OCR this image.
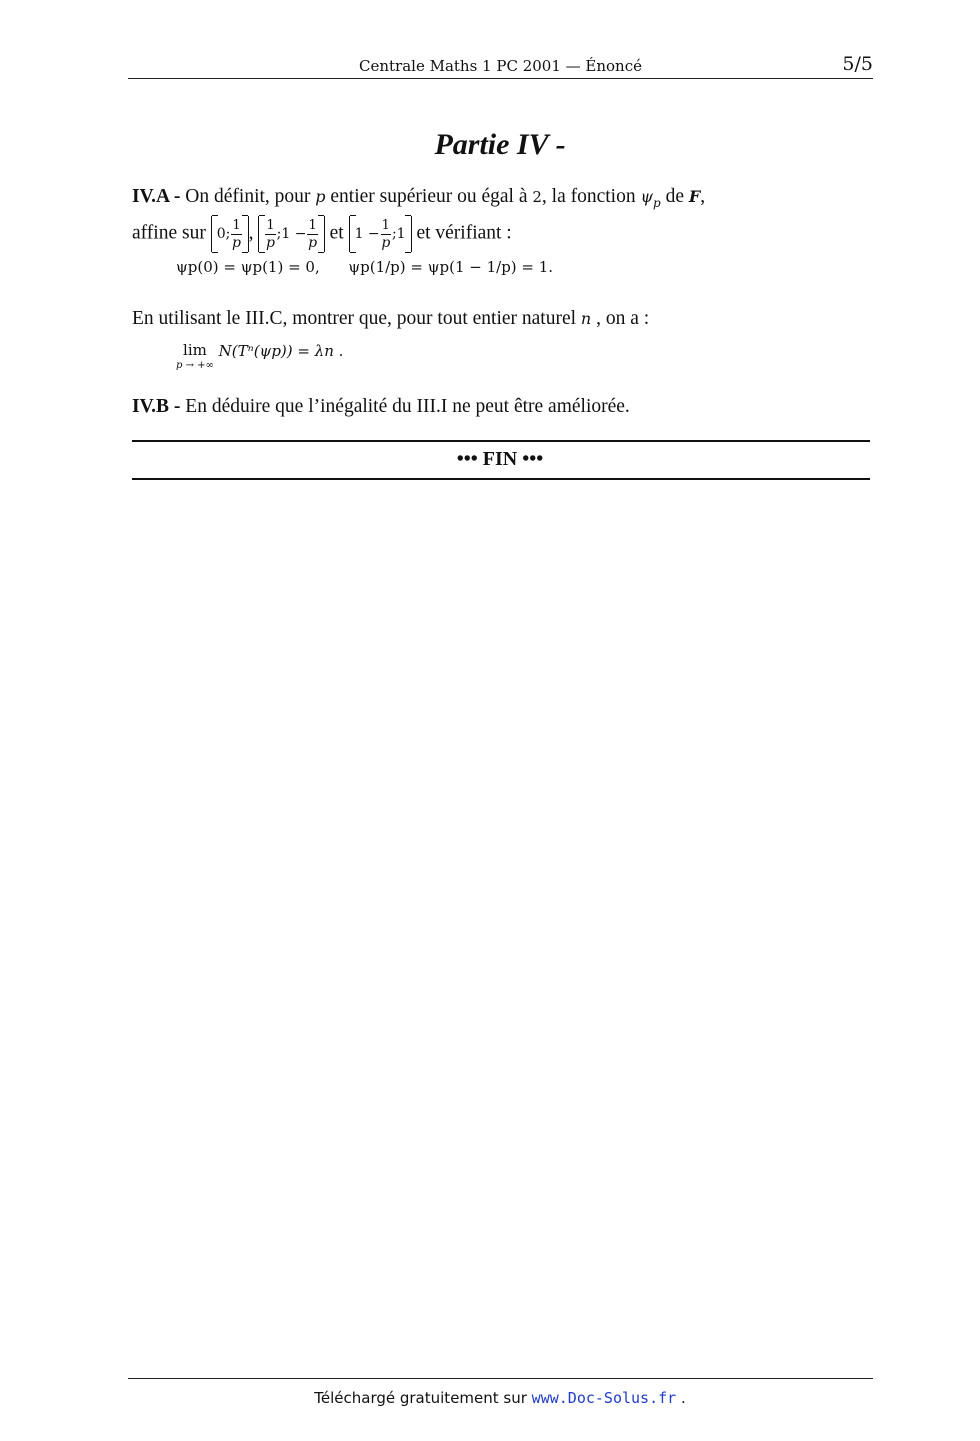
Centrale Maths 1 PC 2001 — Énoncé	5/5
Partie IV -
IV.A - On définit, pour p entier supérieur ou égal à 2, la fonction $\psi_p$ de F,
affine sur 0; $\frac{1}{p}$ , $\frac{1}{p}$ ;1 − $\frac{1}{p}$ et $1 - \frac{1}{p}$ ;1 et vérifiant :
ψp(0) = ψp(1) = 0, ψp(1/p) = ψp(1 − 1/p) = 1.
En utilisant le III.C, montrer que, pour tout entier naturel n , on a :
lim
p → +∞
N(Tⁿ(ψp)) = λn .
IV.B - En déduire que l’inégalité du III.I ne peut être améliorée.
••• FIN •••
Téléchargé gratuitement sur www.Doc-Solus.fr .
